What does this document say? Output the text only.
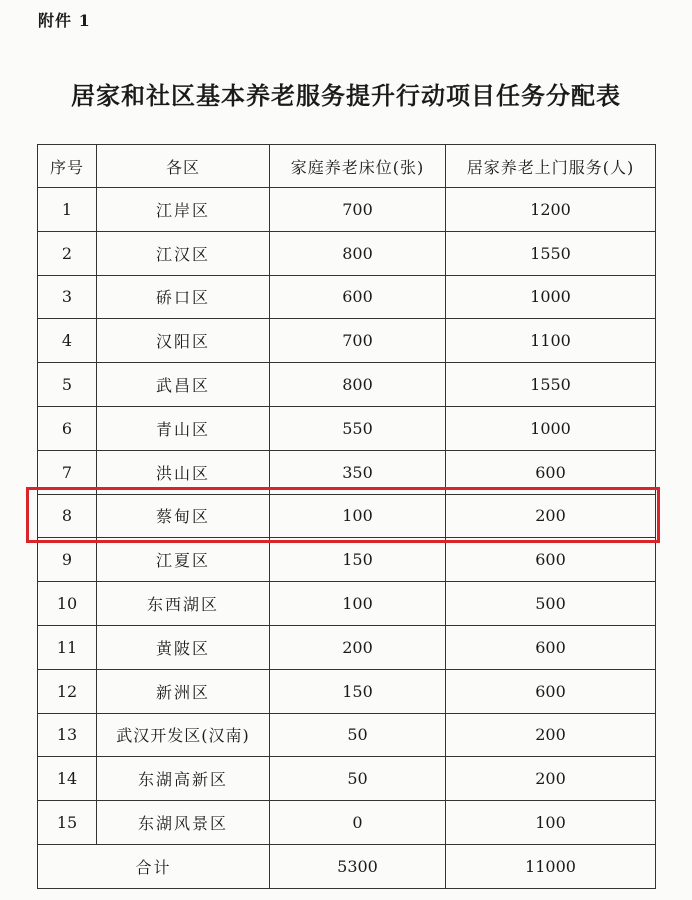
附件 1
居家和社区基本养老服务提升行动项目任务分配表
序号	各区	家庭养老床位(张)	居家养老上门服务(人)
1	江岸区	700	1200
2	江汉区	800	1550
3	硚口区	600	1000
4	汉阳区	700	1100
5	武昌区	800	1550
6	青山区	550	1000
7	洪山区	350	600
8	蔡甸区	100	200
9	江夏区	150	600
10	东西湖区	100	500
11	黄陂区	200	600
12	新洲区	150	600
13	武汉开发区(汉南)	50	200
14	东湖高新区	50	200
15	东湖风景区	0	100
合计		5300	11000
